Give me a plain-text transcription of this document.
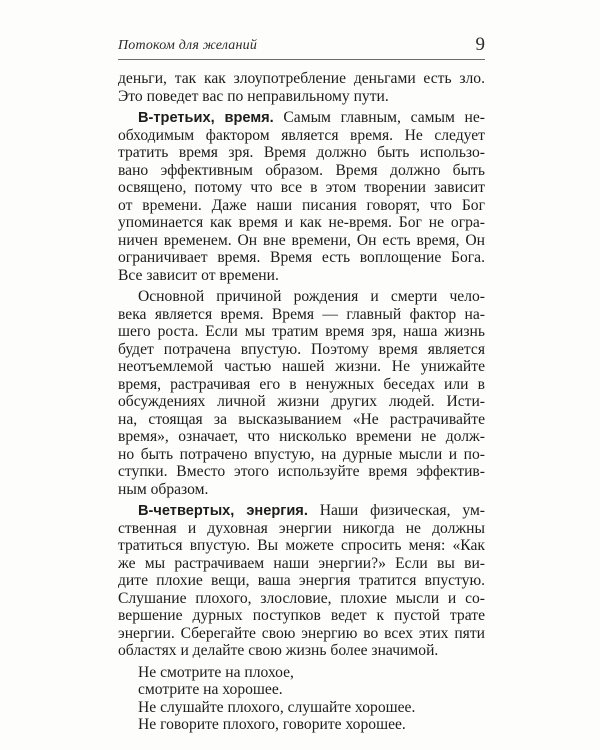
Потоком для желаний	9
деньги, так как злоупотребление деньгами есть зло.
Это поведет вас по неправильному пути.
В-третьих, время. Самым главным, самым не-
обходимым фактором является время. Не следует
тратить время зря. Время должно быть использо-
вано эффективным образом. Время должно быть
освящено, потому что все в этом творении зависит
от времени. Даже наши писания говорят, что Бог
упоминается как время и как не-время. Бог не огра-
ничен временем. Он вне времени, Он есть время, Он
ограничивает время. Время есть воплощение Бога.
Все зависит от времени.
Основной причиной рождения и смерти чело-
века является время. Время — главный фактор на-
шего роста. Если мы тратим время зря, наша жизнь
будет потрачена впустую. Поэтому время является
неотъемлемой частью нашей жизни. Не унижайте
время, растрачивая его в ненужных беседах или в
обсуждениях личной жизни других людей. Исти-
на, стоящая за высказыванием «Не растрачивайте
время», означает, что нисколько времени не долж-
но быть потрачено впустую, на дурные мысли и по-
ступки. Вместо этого используйте время эффектив-
ным образом.
В-четвертых, энергия. Наши физическая, ум-
ственная и духовная энергии никогда не должны
тратиться впустую. Вы можете спросить меня: «Как
же мы растрачиваем наши энергии?» Если вы ви-
дите плохие вещи, ваша энергия тратится впустую.
Слушание плохого, злословие, плохие мысли и со-
вершение дурных поступков ведет к пустой трате
энергии. Сберегайте свою энергию во всех этих пяти
областях и делайте свою жизнь более значимой.
Не смотрите на плохое,
смотрите на хорошее.
Не слушайте плохого, слушайте хорошее.
Не говорите плохого, говорите хорошее.
